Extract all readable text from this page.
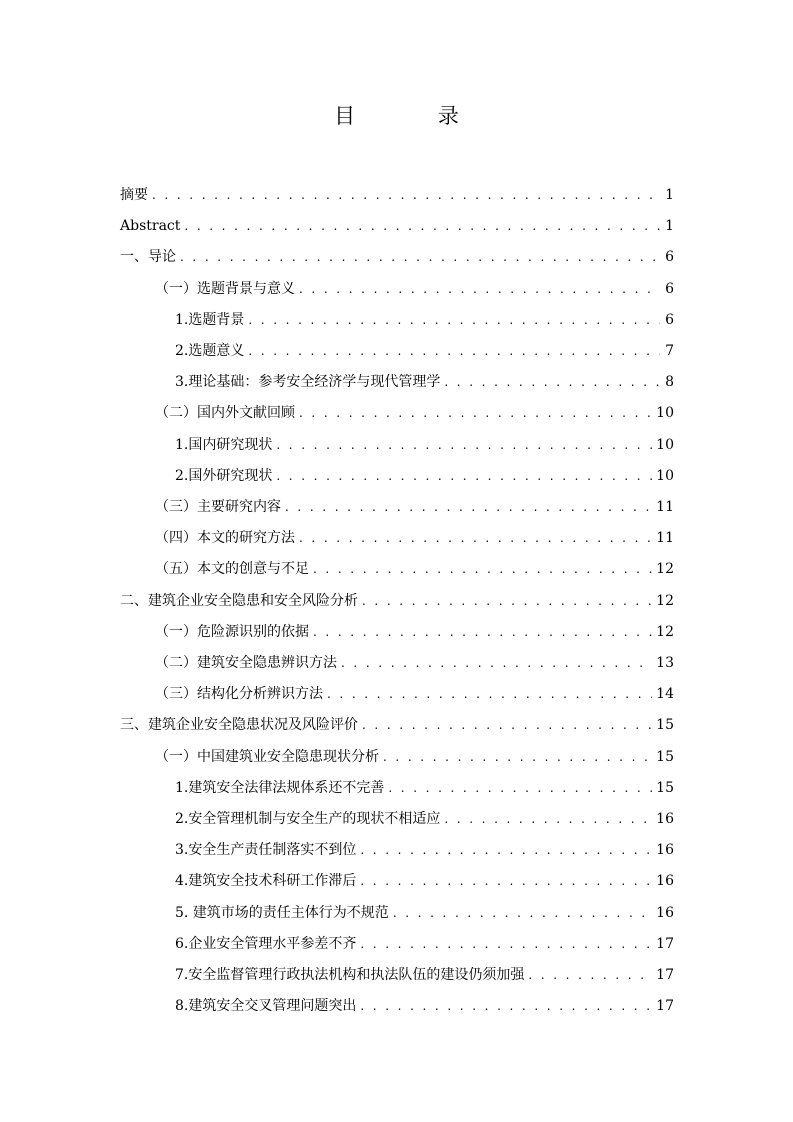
目 录
摘要 . . .	1
Abstract . . .	1
一、导论 . . .	6
（一）选题背景与意义 . . .	6
1.选题背景 . . .	6
2.选题意义 . . .	7
3.理论基础：参考安全经济学与现代管理学 . . .	8
（二）国内外文献回顾 . . .	10
1.国内研究现状 . . .	10
2.国外研究现状 . . .	10
（三）主要研究内容 . . .	11
（四）本文的研究方法 . . .	11
（五）本文的创意与不足 . . .	12
二、建筑企业安全隐患和安全风险分析 . . .	12
（一）危险源识别的依据 . . .	12
（二）建筑安全隐患辨识方法 . . .	13
（三）结构化分析辨识方法 . . .	14
三、建筑企业安全隐患状况及风险评价 . . .	15
（一）中国建筑业安全隐患现状分析 . . .	15
1.建筑安全法律法规体系还不完善 . . .	15
2.安全管理机制与安全生产的现状不相适应 . . .	16
3.安全生产责任制落实不到位 . . .	16
4.建筑安全技术科研工作滞后 . . .	16
5. 建筑市场的责任主体行为不规范 . . .	16
6.企业安全管理水平参差不齐 . . .	17
7.安全监督管理行政执法机构和执法队伍的建设仍须加强 . . .	17
8.建筑安全交叉管理问题突出 . . .	17
